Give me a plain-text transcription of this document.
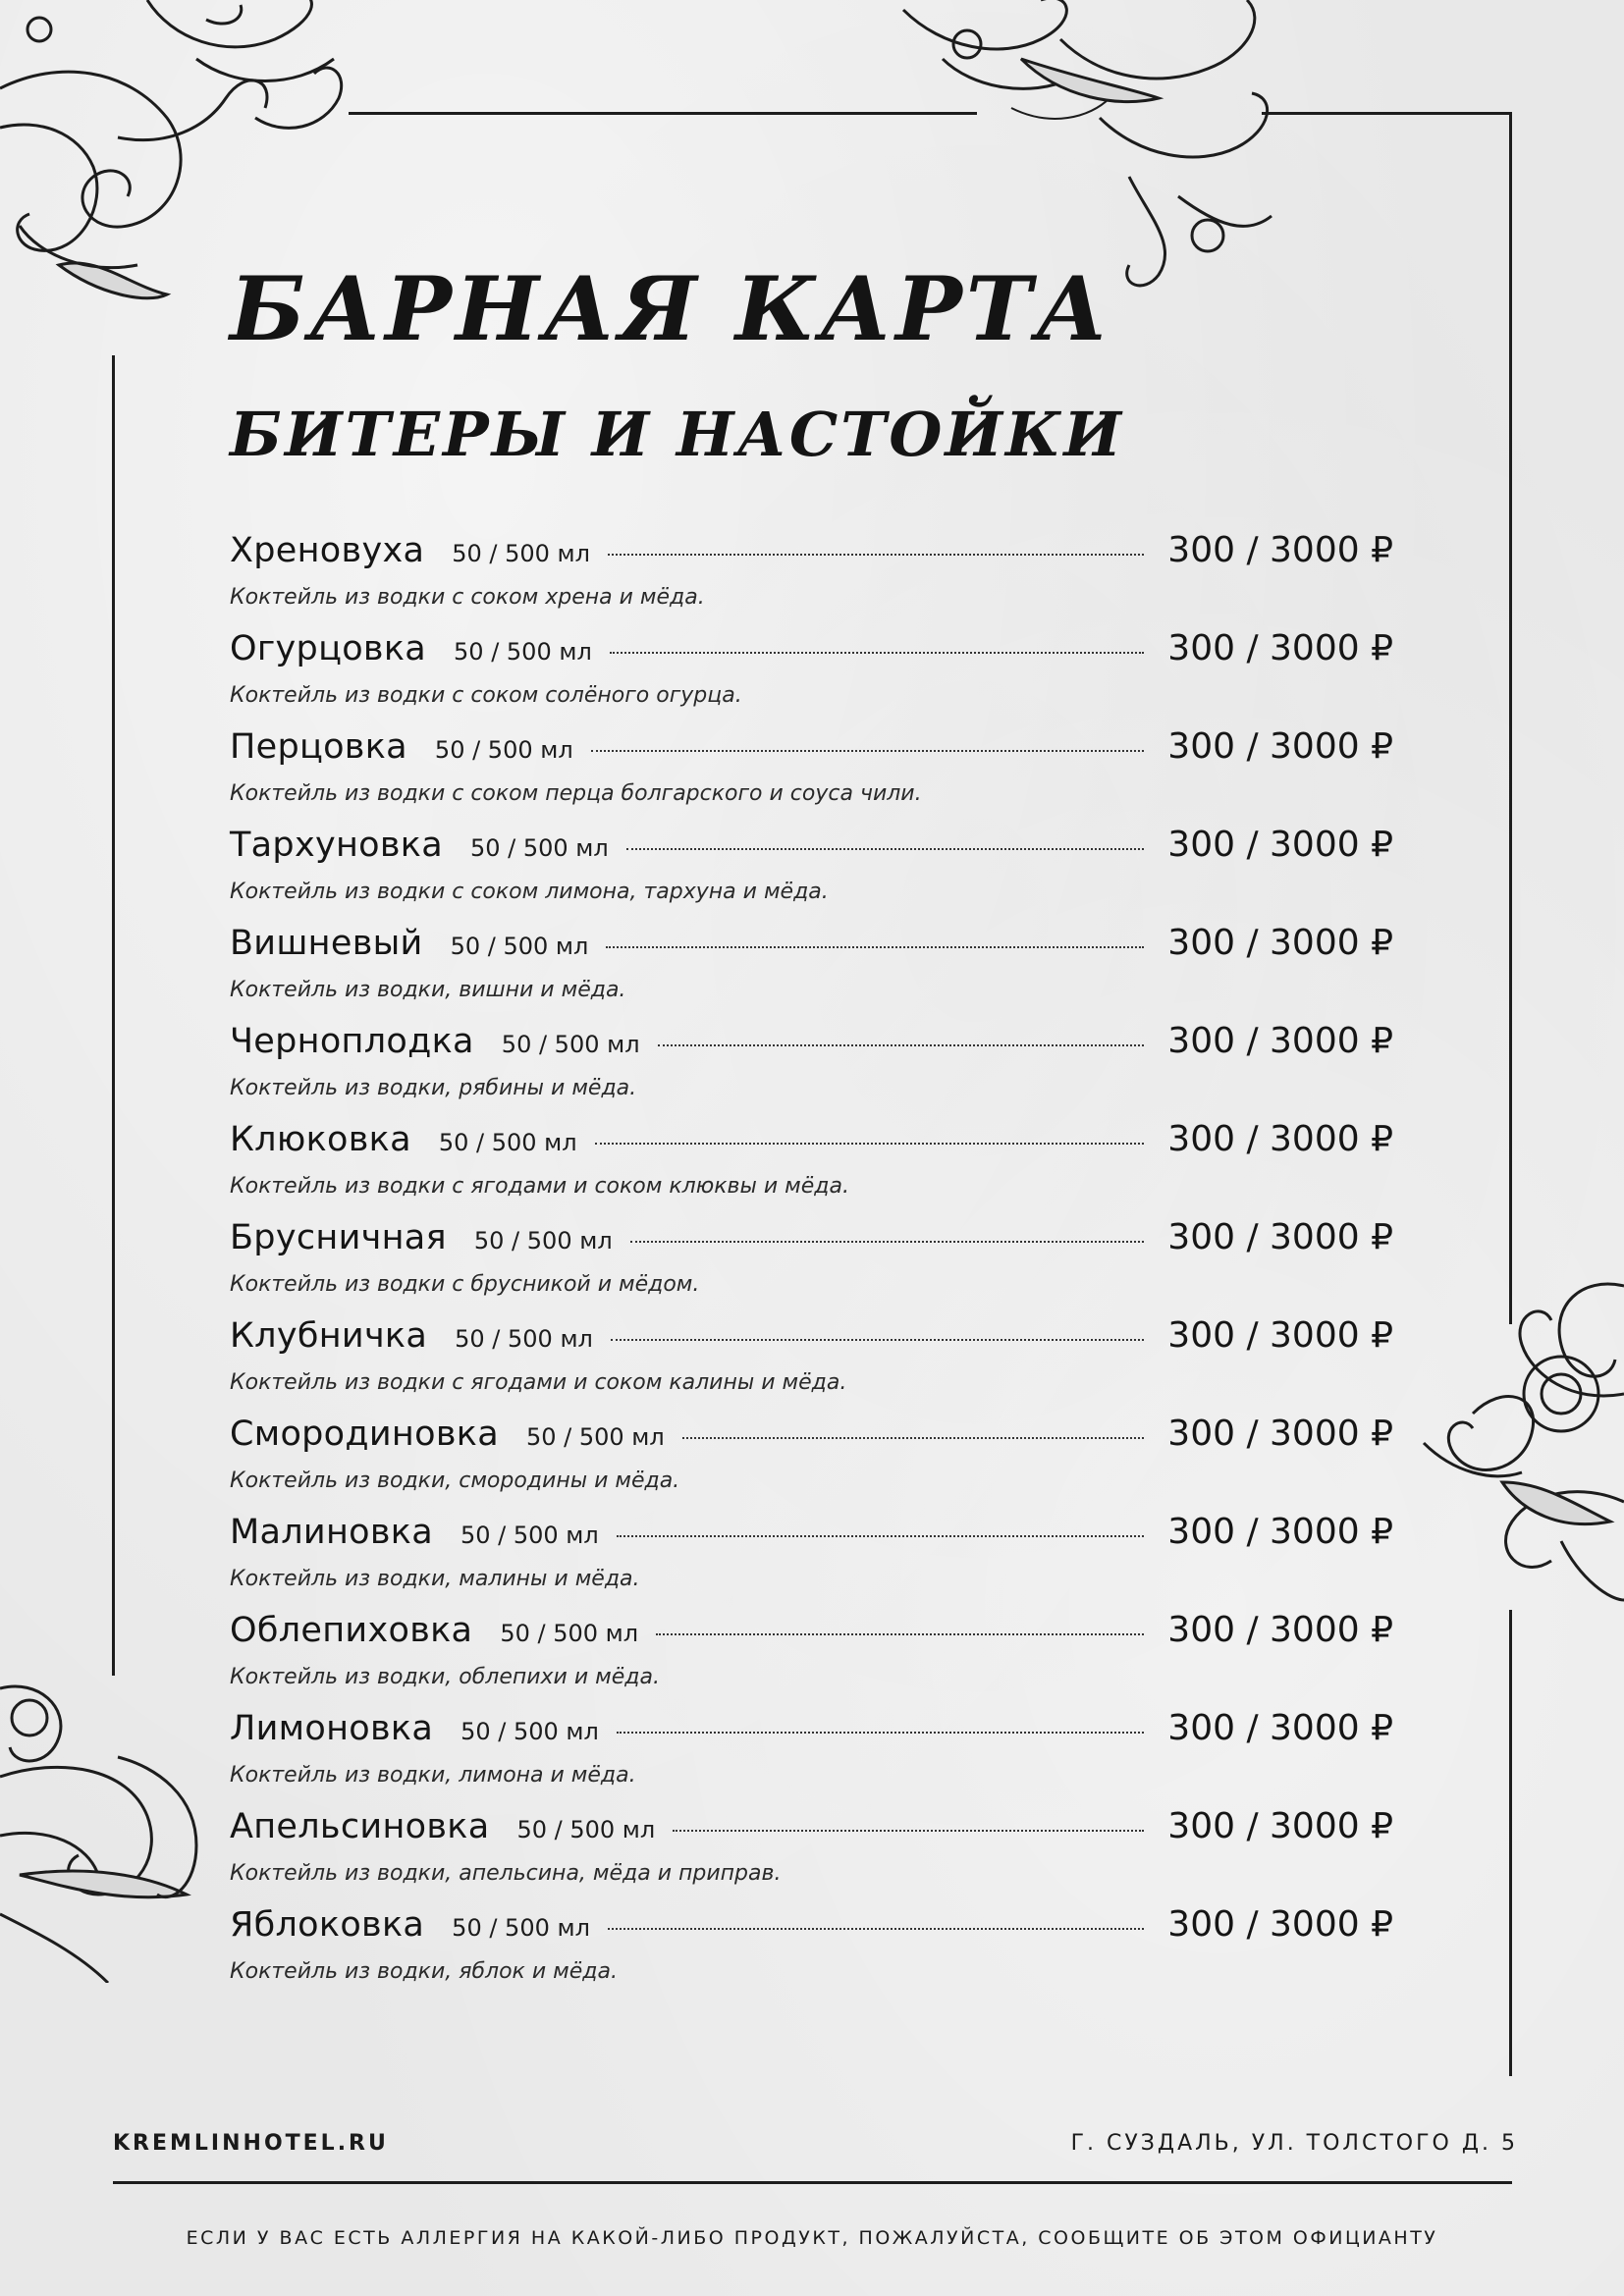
БАРНАЯ КАРТА
БИТЕРЫ И НАСТОЙКИ
Хреновуха 50 / 500 мл	300 / 3000 ₽
Коктейль из водки с соком хрена и мёда.
Огурцовка 50 / 500 мл	300 / 3000 ₽
Коктейль из водки с соком солёного огурца.
Перцовка 50 / 500 мл	300 / 3000 ₽
Коктейль из водки с соком перца болгарского и соуса чили.
Тархуновка 50 / 500 мл	300 / 3000 ₽
Коктейль из водки с соком лимона, тархуна и мёда.
Вишневый 50 / 500 мл	300 / 3000 ₽
Коктейль из водки, вишни и мёда.
Черноплодка 50 / 500 мл	300 / 3000 ₽
Коктейль из водки, рябины и мёда.
Клюковка 50 / 500 мл	300 / 3000 ₽
Коктейль из водки с ягодами и соком клюквы и мёда.
Брусничная 50 / 500 мл	300 / 3000 ₽
Коктейль из водки с брусникой и мёдом.
Клубничка 50 / 500 мл	300 / 3000 ₽
Коктейль из водки с ягодами и соком калины и мёда.
Смородиновка 50 / 500 мл	300 / 3000 ₽
Коктейль из водки, смородины и мёда.
Малиновка 50 / 500 мл	300 / 3000 ₽
Коктейль из водки, малины и мёда.
Облепиховка 50 / 500 мл	300 / 3000 ₽
Коктейль из водки, облепихи и мёда.
Лимоновка 50 / 500 мл	300 / 3000 ₽
Коктейль из водки, лимона и мёда.
Апельсиновка 50 / 500 мл	300 / 3000 ₽
Коктейль из водки, апельсина, мёда и приправ.
Яблоковка 50 / 500 мл	300 / 3000 ₽
Коктейль из водки, яблок и мёда.
KREMLINHOTEL.RU	Г. СУЗДАЛЬ, УЛ. ТОЛСТОГО Д. 5
ЕСЛИ У ВАС ЕСТЬ АЛЛЕРГИЯ НА КАКОЙ-ЛИБО ПРОДУКТ, ПОЖАЛУЙСТА, СООБЩИТЕ ОБ ЭТОМ ОФИЦИАНТУ
